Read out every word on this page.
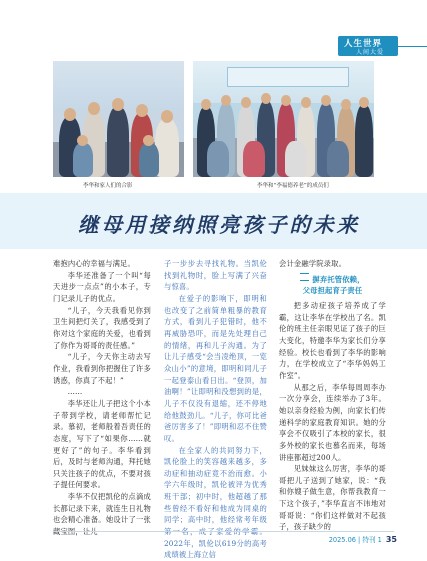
人生世界
人间大爱
李华和家人们的合影	李华和“李福德养老”的成员们
继母用接纳照亮孩子的未来

难抱内心的幸福与满足。

李华还准备了一个叫“每天进步一点点”的小本子，专门记录儿子的优点。

“儿子，今天我看见你到卫生间把灯关了，我感受到了你对这个家庭的关爱，也看到了你作为哥哥的责任感。”

“儿子，今天你主动去写作业，我看到你把握住了许多诱惑，你真了不起！”

……

李华还让儿子把这个小本子带到学校，请老师帮忙记录。慕初，老师般着吾责任的态度，写下了“如果你……就更好了”的句子。李华看到后，及时与老师沟通，拜托她只关注孩子的优点，不要对孩子提任何要求。

李华不仅把凯伦的点滴成长都记录下来，就连生日礼物也会精心准备。她设计了一张

子一步步去寻找礼物。当凯伦找到礼物时，脸上写满了兴奋与惊喜。

在爱子的影响下，即明和也改变了之前简单粗暴的教育方式，看到儿子犯错时，他不再威胁恐吓，而是先处理自己的情绪，再和儿子沟通。为了让儿子感受“会当凌绝顶，一览众山小”的意境，即明和同儿子一起登泰山看日出。“登顶，加油啊！”让即明和没想到的是，儿子不仅没有退缩，还不停地给他鼓劲儿。“儿子，你可比爸爸厉害多了！”即明和忍不住赞叹。

在全家人的共同努力下，凯伦脸上的笑容越来越多，多动症和抽动症竟不治而愈。小学六年级时，凯伦被评为优秀班干部；初中时，他超越了那些曾经不看好和他成为同桌的同学；高中时，他经常考年级 2022年，凯伦以619分的高考成绩被上海立信

会计金融学院录取。

摒弃托管依赖，

父母担起育子责任

把多动症孩子培养成了学霸，这让李华在学校出了名。凯伦的班主任亲眼见证了孩子的巨大变化，特邀李华为家长们分享经验。校长也看到了李华的影响力，在学校成立了“李华妈妈工作室”。

从那之后，李华每周周李办一次分享会，连续举办了3年。她以亲身经验为例，向家长们传递科学的家庭教育知识。她的分享会不仅吸引了本校的家长，很多外校的家长也慕名而来，每场讲座都超过200人。

见妹妹这么厉害，李华的哥哥把儿子送到了她家，说：“我和你嫂子做生意，你帮我教育一下这个孩子，”李华直言不讳地对哥哥说：“你们这样做对不起孩子，孩子缺少的

2025.06 | 特刊 1 35
